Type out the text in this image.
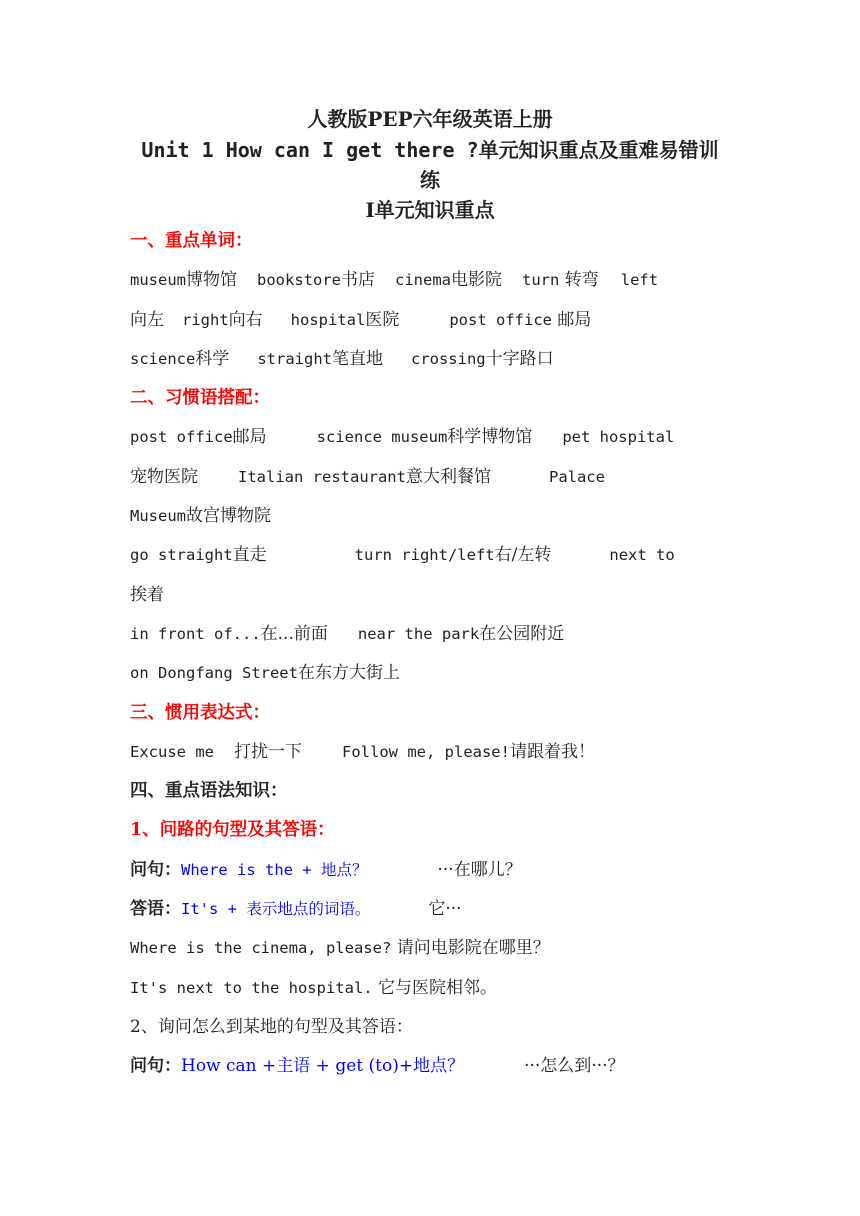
人教版PEP六年级英语上册
Unit 1 How can I get there ?单元知识重点及重难易错训
练
Ⅰ单元知识重点
一、重点单词：
museum博物馆 bookstore书店 cinema电影院 turn 转弯 left
向左 right向右 hospital医院	post office 邮局
science科学 straight笔直地 crossing十字路口
二、习惯语搭配：
post office邮局	science museum科学博物馆 pet hospital
宠物医院	Italian restaurant意大利餐馆	Palace
Museum故宫博物院
go straight直走	turn right/left右/左转	next to
挨着
in front of...在...前面 near the park在公园附近
on Dongfang Street在东方大街上
三、惯用表达式：
Excuse me 打扰一下	Follow me, please!请跟着我！
四、重点语法知识：
1、问路的句型及其答语：
问句：Where is the + 地点？	···在哪儿？
答语：It's + 表示地点的词语。	它···
Where is the cinema, please? 请问电影院在哪里？
It's next to the hospital. 它与医院相邻。
2、询问怎么到某地的句型及其答语：
问句：How can +主语 + get (to)+地点？	···怎么到···？
